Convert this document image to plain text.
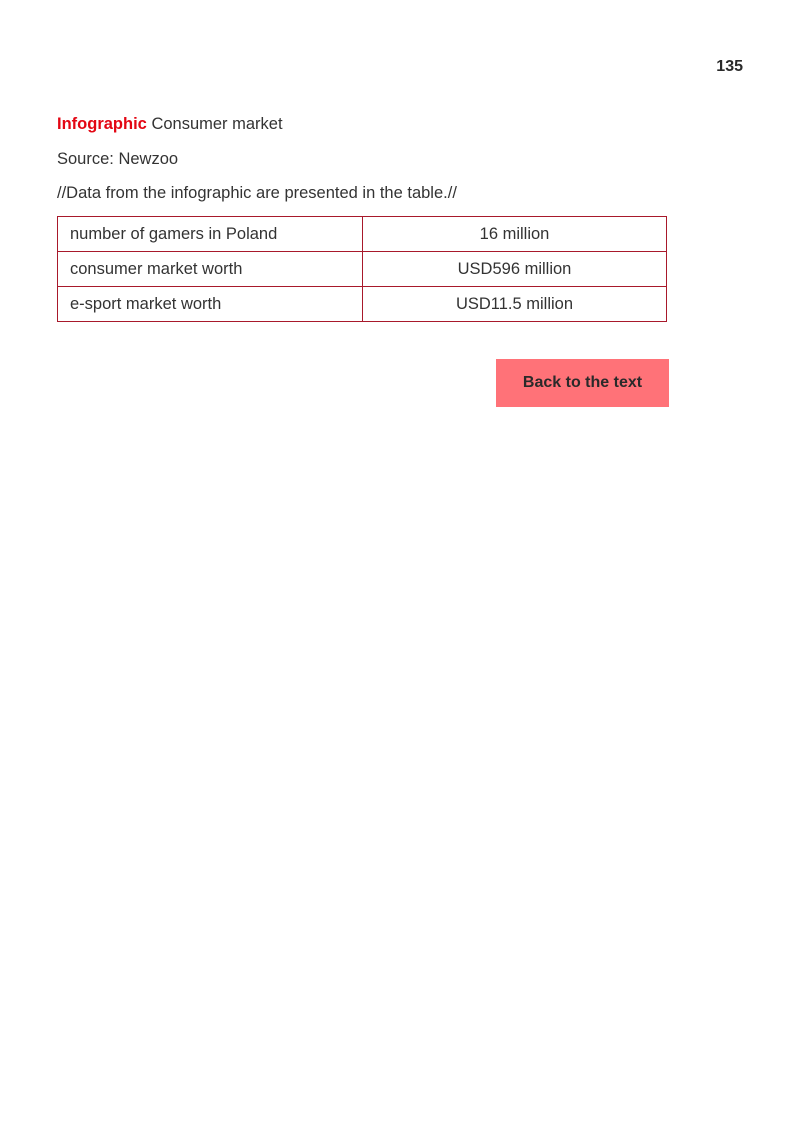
135
Infographic Consumer market
Source: Newzoo
//Data from the infographic are presented in the table.//
number of gamers in Poland	16 million
consumer market worth	USD596 million
e-sport market worth	USD11.5 million
Back to the text
